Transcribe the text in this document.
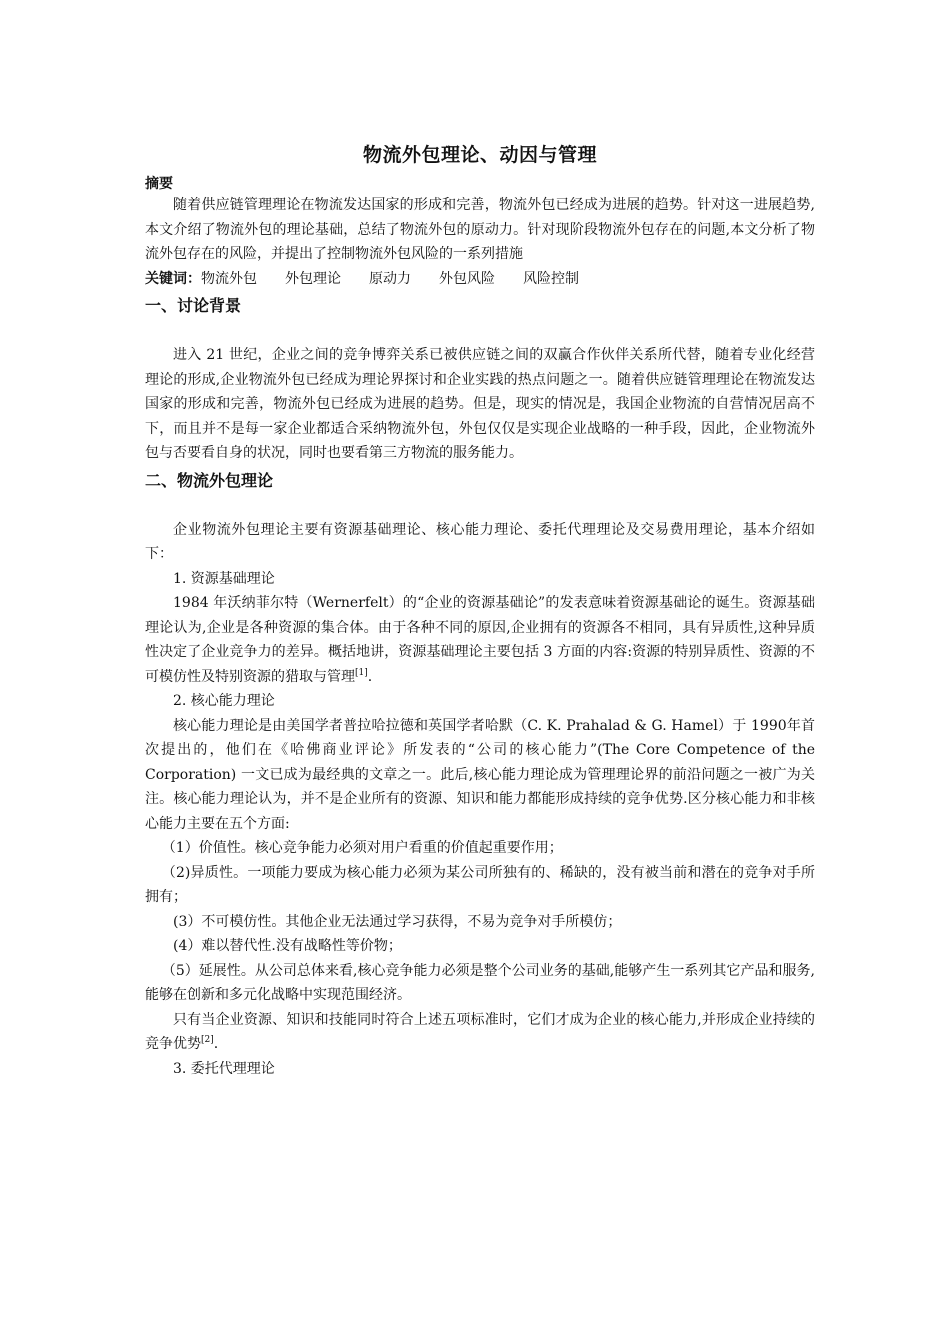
物流外包理论、动因与管理
摘要

随着供应链管理理论在物流发达国家的形成和完善，物流外包已经成为进展的趋势。针对这一进展趋势,本文介绍了物流外包的理论基础，总结了物流外包的原动力。针对现阶段物流外包存在的问题,本文分析了物流外包存在的风险，并提出了控制物流外包风险的一系列措施

关键词：物流外包 外包理论 原动力 外包风险 风险控制
一、讨论背景

进入 21 世纪，企业之间的竞争博弈关系已被供应链之间的双赢合作伙伴关系所代替，随着专业化经营理论的形成,企业物流外包已经成为理论界探讨和企业实践的热点问题之一。随着供应链管理理论在物流发达国家的形成和完善，物流外包已经成为进展的趋势。但是，现实的情况是，我国企业物流的自营情况居高不下，而且并不是每一家企业都适合采纳物流外包，外包仅仅是实现企业战略的一种手段，因此，企业物流外包与否要看自身的状况，同时也要看第三方物流的服务能力。

二、物流外包理论

企业物流外包理论主要有资源基础理论、核心能力理论、委托代理理论及交易费用理论，基本介绍如下：

1. 资源基础理论

1984 年沃纳菲尔特（Wernerfelt）的“企业的资源基础论”的发表意味着资源基础论的诞生。资源基础理论认为,企业是各种资源的集合体。由于各种不同的原因,企业拥有的资源各不相同，具有异质性,这种异质性决定了企业竞争力的差异。概括地讲，资源基础理论主要包括 3 方面的内容:资源的特别异质性、资源的不可模仿性及特别资源的猎取与管理[1].

2. 核心能力理论

核心能力理论是由美国学者普拉哈拉德和英国学者哈默（C. K. Prahalad & G. Hamel）于 1990年首次提出的，他们在《哈佛商业评论》所发表的“公司的核心能力”(The Core Competence of the Corporation) 一文已成为最经典的文章之一。此后,核心能力理论成为管理理论界的前沿问题之一被广为关注。核心能力理论认为，并不是企业所有的资源、知识和能力都能形成持续的竞争优势.区分核心能力和非核心能力主要在五个方面:

（1）价值性。核心竞争能力必须对用户看重的价值起重要作用；

（2)异质性。一项能力要成为核心能力必须为某公司所独有的、稀缺的，没有被当前和潜在的竞争对手所拥有；

(3）不可模仿性。其他企业无法通过学习获得，不易为竞争对手所模仿；

(4）难以替代性.没有战略性等价物；

（5）延展性。从公司总体来看,核心竞争能力必须是整个公司业务的基础,能够产生一系列其它产品和服务,能够在创新和多元化战略中实现范围经济。

只有当企业资源、知识和技能同时符合上述五项标准时，它们才成为企业的核心能力,并形成企业持续的竞争优势[2].

3. 委托代理理论
